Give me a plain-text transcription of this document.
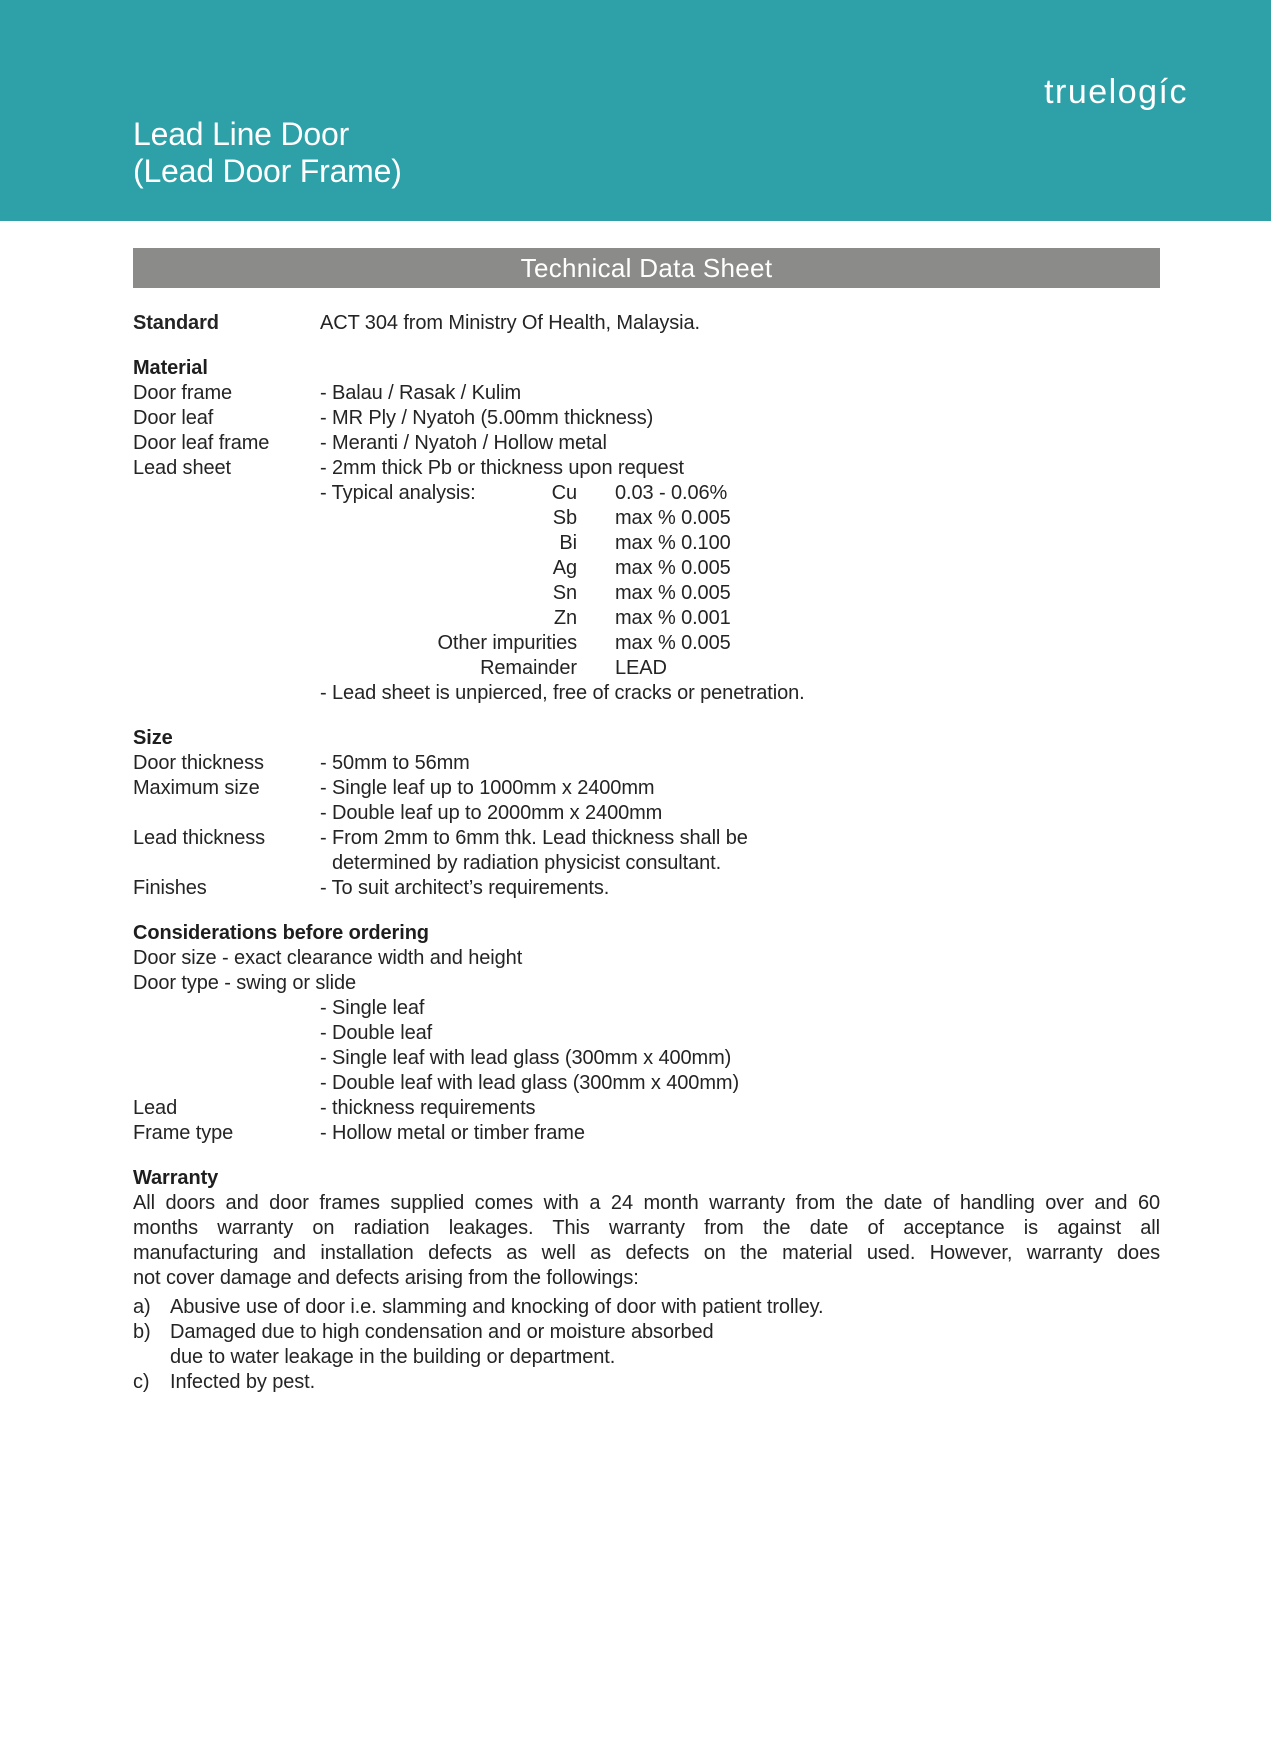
truelogíc
Lead Line Door
(Lead Door Frame)
Technical Data Sheet
Standard	ACT 304 from Ministry Of Health, Malaysia.
Material
Door frame	- Balau / Rasak / Kulim
Door leaf	- MR Ply / Nyatoh (5.00mm thickness)
Door leaf frame	- Meranti / Nyatoh / Hollow metal
Lead sheet	- 2mm thick Pb or thickness upon request
- Typical analysis:	Cu 0.03 - 0.06%
Sb max % 0.005
Bi max % 0.100
Ag max % 0.005
Sn max % 0.005
Zn max % 0.001
Other impurities max % 0.005
Remainder LEAD
- Lead sheet is unpierced, free of cracks or penetration.
Size
Door thickness	- 50mm to 56mm
Maximum size	- Single leaf up to 1000mm x 2400mm
- Double leaf up to 2000mm x 2400mm
Lead thickness	- From 2mm to 6mm thk. Lead thickness shall be
determined by radiation physicist consultant.
Finishes	- To suit architect’s requirements.
Considerations before ordering
Door size - exact clearance width and height
Door type - swing or slide
- Single leaf
- Double leaf
- Single leaf with lead glass (300mm x 400mm)
- Double leaf with lead glass (300mm x 400mm)
Lead	- thickness requirements
Frame type	- Hollow metal or timber frame
Warranty
All doors and door frames supplied comes with a 24 month warranty from the date of handling over and 60
months warranty on radiation leakages. This warranty from the date of acceptance is against all
manufacturing and installation defects as well as defects on the material used. However, warranty does
not cover damage and defects arising from the followings:
a) Abusive use of door i.e. slamming and knocking of door with patient trolley.
b) Damaged due to high condensation and or moisture absorbed
due to water leakage in the building or department.
c)	Infected by pest.
